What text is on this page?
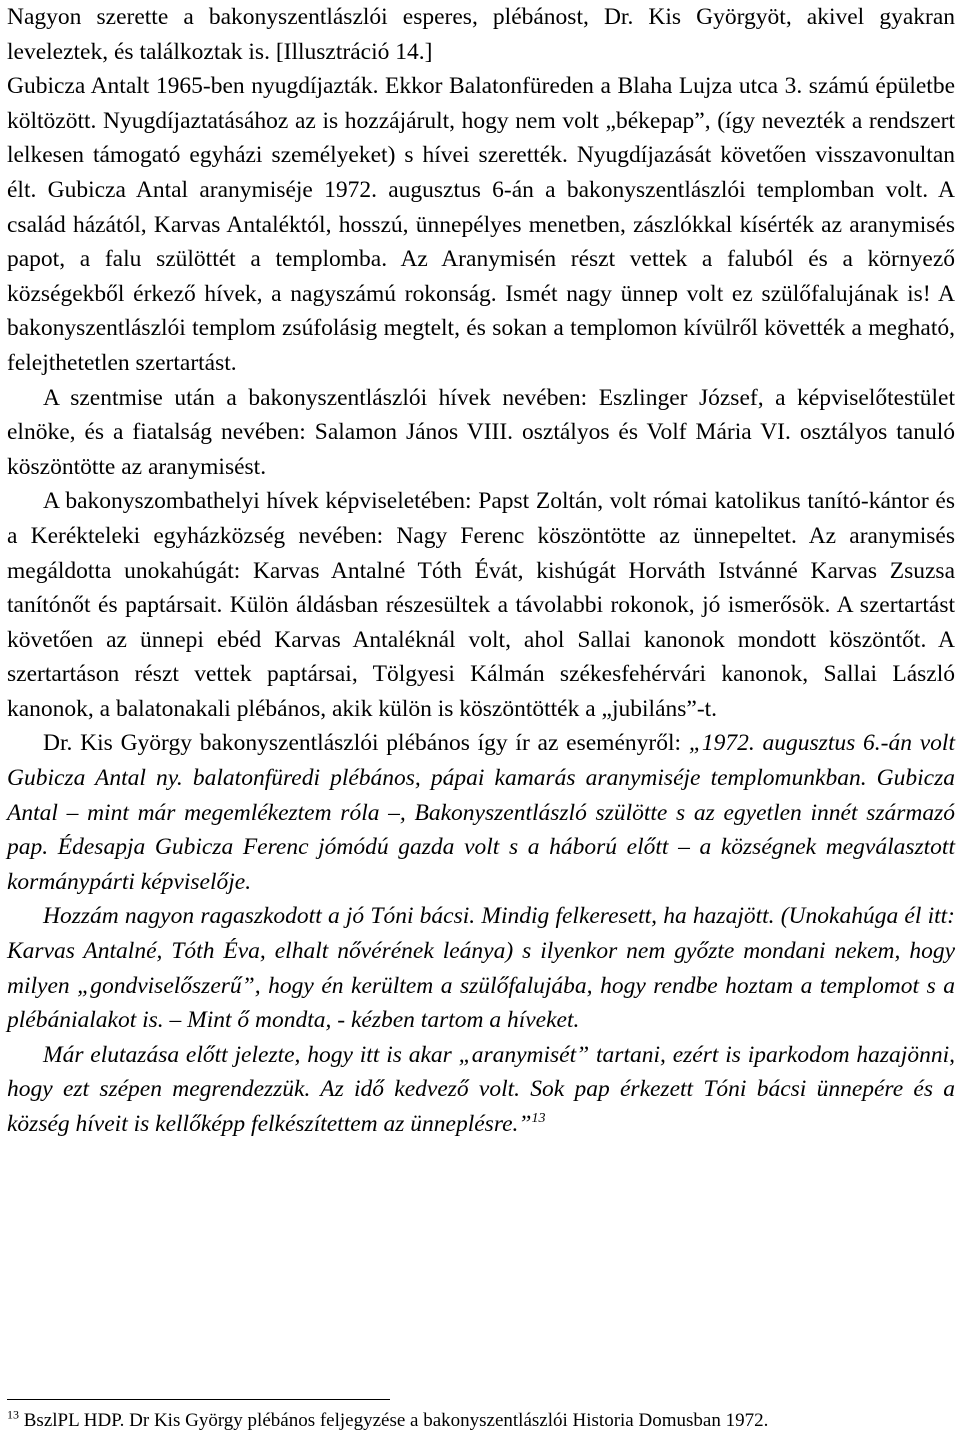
Nagyon szerette a bakonyszentlászlói esperes, plébánost, Dr. Kis Györgyöt, akivel gyakran leveleztek, és találkoztak is. [Illusztráció 14.]

Gubicza Antalt 1965-ben nyugdíjazták. Ekkor Balatonfüreden a Blaha Lujza utca 3. számú épületbe költözött. Nyugdíjaztatásához az is hozzájárult, hogy nem volt „békepap”, (így nevezték a rendszert lelkesen támogató egyházi személyeket) s hívei szerették. Nyugdíjazását követően visszavonultan élt. Gubicza Antal aranymiséje 1972. augusztus 6-án a bakonyszentlászlói templomban volt. A család házától, Karvas Antaléktól, hosszú, ünnepélyes menetben, zászlókkal kísérték az aranymisés papot, a falu szülöttét a templomba. Az Aranymisén részt vettek a faluból és a környező községekből érkező hívek, a nagyszámú rokonság. Ismét nagy ünnep volt ez szülőfalujának is! A bakonyszentlászlói templom zsúfolásig megtelt, és sokan a templomon kívülről követték a megható, felejthetetlen szertartást.

A szentmise után a bakonyszentlászlói hívek nevében: Eszlinger József, a képviselőtestület elnöke, és a fiatalság nevében: Salamon János VIII. osztályos és Volf Mária VI. osztályos tanuló köszöntötte az aranymisést.

A bakonyszombathelyi hívek képviseletében: Papst Zoltán, volt római katolikus tanító-kántor és a Kerékteleki egyházközség nevében: Nagy Ferenc köszöntötte az ünnepeltet. Az aranymisés megáldotta unokahúgát: Karvas Antalné Tóth Évát, kishúgát Horváth Istvánné Karvas Zsuzsa tanítónőt és paptársait. Külön áldásban részesültek a távolabbi rokonok, jó ismerősök. A szertartást követően az ünnepi ebéd Karvas Antaléknál volt, ahol Sallai kanonok mondott köszöntőt. A szertartáson részt vettek paptársai, Tölgyesi Kálmán székesfehérvári kanonok, Sallai László kanonok, a balatonakali plébános, akik külön is köszöntötték a „jubiláns”-t.

Dr. Kis György bakonyszentlászlói plébános így ír az eseményről: „1972. augusztus 6.-án volt Gubicza Antal ny. balatonfüredi plébános, pápai kamarás aranymiséje templomunkban. Gubicza Antal – mint már megemlékeztem róla –, Bakonyszentlászló szülötte s az egyetlen innét származó pap. Édesapja Gubicza Ferenc jómódú gazda volt s a háború előtt – a községnek megválasztott kormánypárti képviselője.

Hozzám nagyon ragaszkodott a jó Tóni bácsi. Mindig felkeresett, ha hazajött. (Unokahúga él itt: Karvas Antalné, Tóth Éva, elhalt nővérének leánya) s ilyenkor nem győzte mondani nekem, hogy milyen „gondviselőszerű”, hogy én kerültem a szülőfalujába, hogy rendbe hoztam a templomot s a plébánialakot is. – Mint ő mondta, - kézben tartom a híveket.

Már elutazása előtt jelezte, hogy itt is akar „aranymisét” tartani, ezért is iparkodom hazajönni, hogy ezt szépen megrendezzük. Az idő kedvező volt. Sok pap érkezett Tóni bácsi ünnepére és a község híveit is kellőképp felkészítettem az ünneplésre.”$^{13}$

$^{13}$ BszlPL HDP. Dr Kis György plébános feljegyzése a bakonyszentlászlói Historia Domusban 1972.
